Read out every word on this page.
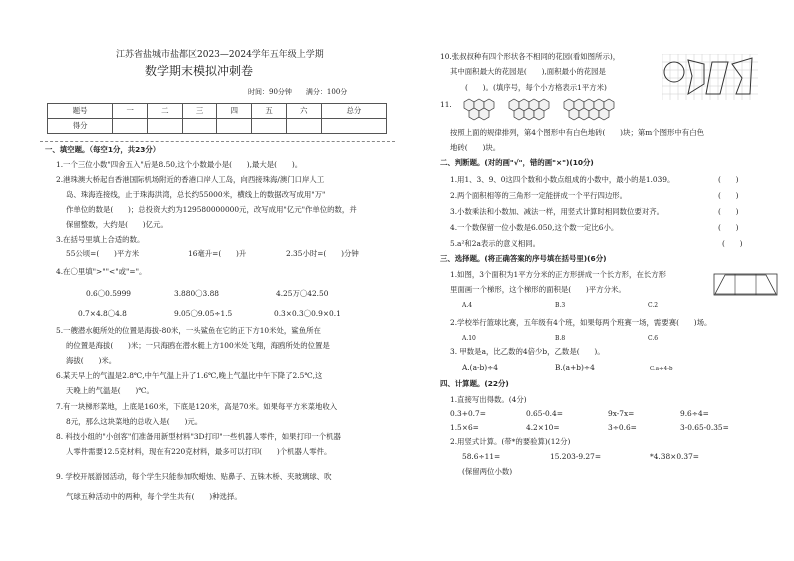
江苏省盐城市盐都区2023—2024学年五年级上学期
数学期末模拟冲刺卷
时间：90分钟　　满分：100分
题号	一	二	三	四	五	六	总分
得分							
一、填空题。（每空1分，共23分）
1.一个三位小数"四舍五入"后是8.50,这个小数最小是(　　),最大是(　　)。
2.港珠澳大桥起自香港国际机场附近的香港口岸人工岛，向西接珠海/澳门口岸人工
岛、珠海连接线，止于珠海洪湾，总长约55000米，横线上的数据改写成用"万"
作单位的数是(　　)；总投资大约为129580000000元，改写成用"亿元"作单位的数，并
保留整数，大约是(　　)亿元。
3.在括号里填上合适的数。
55公顷=(　　)平方米	16毫升=(　　)升	2.35小时=(　　)分钟
4.在〇里填">""<"或"="。
0.6〇0.5999	3.880〇3.88	4.25万〇42.50
0.7×4.8〇4.8	9.05〇9.05÷1.5	0.3×0.3〇0.9×0.1
5.一艘潜水艇所处的位置是海拔-80米，一头鲨鱼在它的正下方10米处，鲨鱼所在
的位置是海拔(　　)米；一只海鸥在潜水艇上方100米处飞翔，海鸥所处的位置是
海拔(　　)米。
6.某天早上的气温是2.8℃,中午气温上升了1.6℃,晚上气温比中午下降了2.5℃,这
天晚上的气温是(　　)℃。
7.有一块梯形菜地，上底是160米，下底是120米，高是70米。如果每平方米菜地收入
8元，那么这块菜地的总收入是(　　)元。
8. 科技小组的"小创客"们准备用新型材料"3D打印"一些机器人零件，如果打印一个机器
人零件需要12.5克材料，现在有220克材料，最多可以打印(　　)个机器人零件。
9. 学校开展游园活动，每个学生只能参加吹蜡烛、贴鼻子、五铢木桥、夹玻璃球、吹
气球五种活动中的两种，每个学生共有(　　)种选择。
10.张叔叔种有四个形状各不相同的花园(看如图所示)，
其中面积最大的花园是(　　),面积最小的花园是
(　　)。(填序号，每个小方格表示1平方米)
11.
按照上面的规律排列，第4个图形中有白色地砖(　　)块；第m个图形中有白色
地砖(　　)块。
二、判断题。(对的画"√"，错的画"×")(10分)
1.用1、3、9、0这四个数和小数点组成的小数中，最小的是1.039。	(　　)
2.两个面积相等的三角形一定能拼成一个平行四边形。	(　　)
3.小数乘法和小数加、减法一样，用竖式计算时相同数位要对齐。	(　　)
4.一个数保留一位小数是6.050,这个数一定比6小。	(　　)
5.a²和2a表示的意义相同。	(　　)
三、选择题。(将正确答案的序号填在括号里)(6分)
1.如图，3个面积为1平方分米的正方形拼成一个长方形，在长方形
里面画一个梯形，这个梯形的面积是(　　)平方分米。
A.4	B.3	C.2
2.学校举行篮球比赛，五年级有4个班，如果每两个班赛一场，需要赛(　　)场。
A.10	B.8	C.6
3. 甲数是a，比乙数的4倍少b，乙数是(　　)。
A.(a-b)÷4	B.(a+b)÷4	C.a÷4-b
四、计算题。(22分)
1.直接写出得数。(4分)
0.3+0.7=	0.65-0.4=	9x-7x=	9.6÷4=
1.5×6=	4.2×10=	3÷0.6=	3-0.65-0.35=
2.用竖式计算。(带*的要验算)(12分)
58.6÷11=	15.203-9.27=	*4.38×0.37=
(保留两位小数)
